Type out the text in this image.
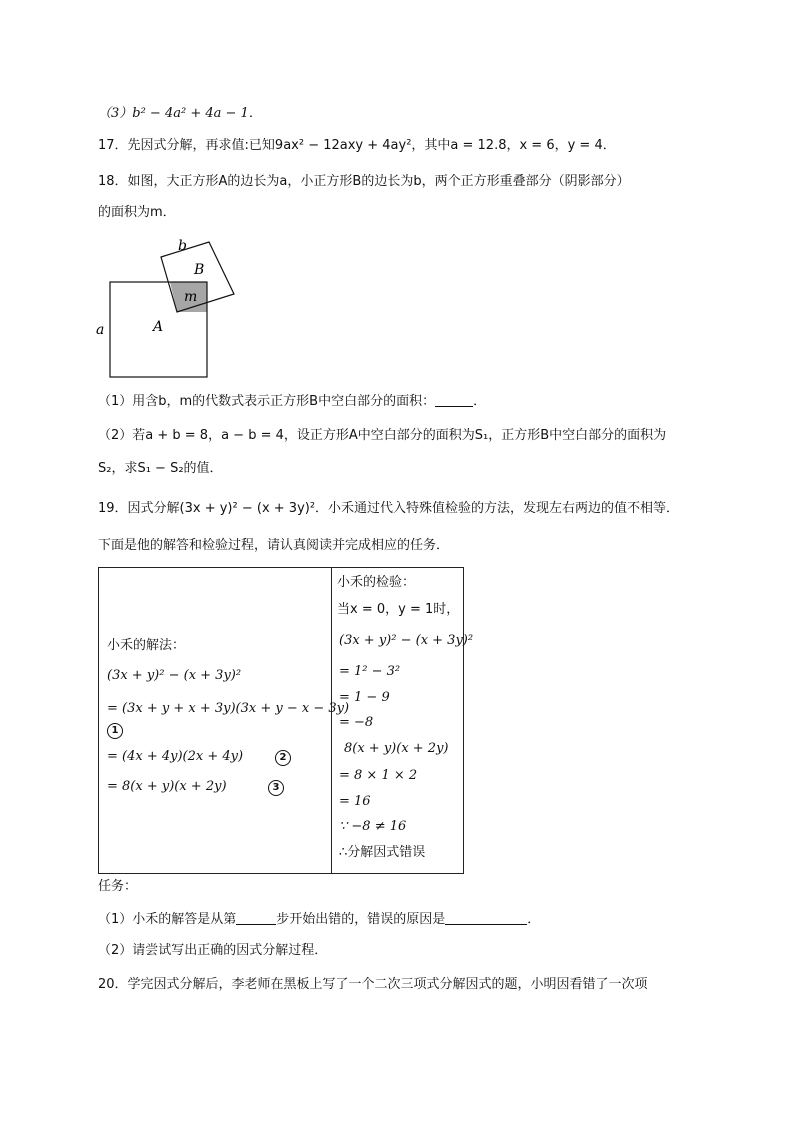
（3）b² − 4a² + 4a − 1．
17．先因式分解，再求值:已知9ax² − 12axy + 4ay²，其中a = 12.8，x = 6，y = 4．
18．如图，大正方形A的边长为a，小正方形B的边长为b，两个正方形重叠部分（阴影部分）
的面积为m．
b
B
m
a	A
（1）用含b，m的代数式表示正方形B中空白部分的面积：	．
（2）若a + b = 8，a − b = 4，设正方形A中空白部分的面积为S₁，正方形B中空白部分的面积为
S₂，求S₁ − S₂的值．
19．因式分解(3x + y)² − (x + 3y)²．小禾通过代入特殊值检验的方法，发现左右两边的值不相等．
下面是他的解答和检验过程，请认真阅读并完成相应的任务．
小禾的解法：
(3x + y)² − (x + 3y)²
= (3x + y + x + 3y)(3x + y − x − 3y)
1
= (4x + 4y)(2x + 4y)	2
= 8(x + y)(x + 2y)	3
小禾的检验：
当x = 0，y = 1时，
(3x + y)² − (x + 3y)²
= 1² − 3²
= 1 − 9
= −8
8(x + y)(x + 2y)
= 8 × 1 × 2
= 16
∵ −8 ≠ 16
∴分解因式错误
任务：
（1）小禾的解答是从第	步开始出错的，错误的原因是	．
（2）请尝试写出正确的因式分解过程．
20．学完因式分解后，李老师在黑板上写了一个二次三项式分解因式的题，小明因看错了一次项
